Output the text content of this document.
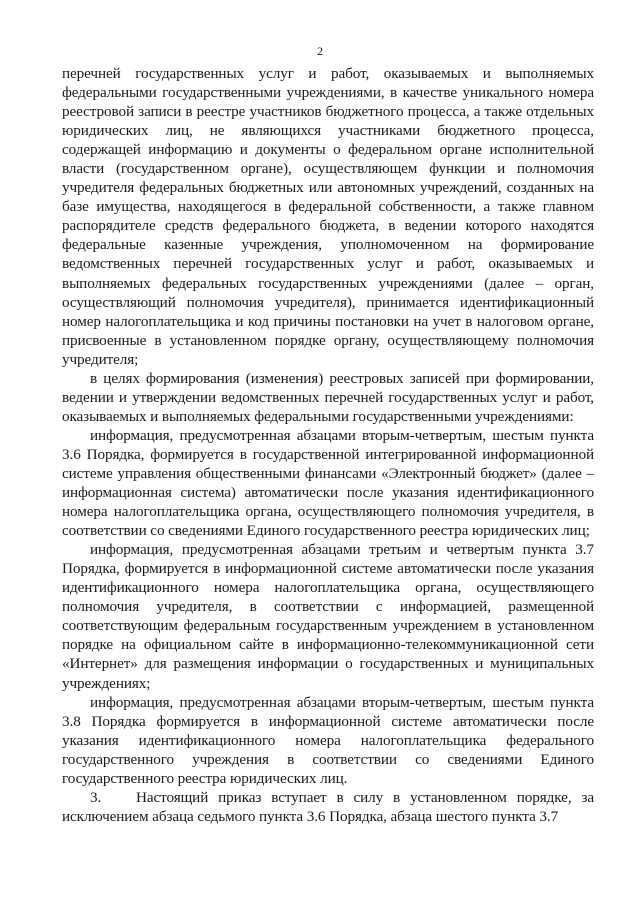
2

перечней государственных услуг и работ, оказываемых и выполняемых федеральными государственными учреждениями, в качестве уникального номера реестровой записи в реестре участников бюджетного процесса, а также отдельных юридических лиц, не являющихся участниками бюджетного процесса, содержащей информацию и документы о федеральном органе исполнительной власти (государственном органе), осуществляющем функции и полномочия учредителя федеральных бюджетных или автономных учреждений, созданных на базе имущества, находящегося в федеральной собственности, а также главном распорядителе средств федерального бюджета, в ведении которого находятся федеральные казенные учреждения, уполномоченном на формирование ведомственных перечней государственных услуг и работ, оказываемых и выполняемых федеральных государственных учреждениями (далее – орган, осуществляющий полномочия учредителя), принимается идентификационный номер налогоплательщика и код причины постановки на учет в налоговом органе, присвоенные в установленном порядке органу, осуществляющему полномочия учредителя;

в целях формирования (изменения) реестровых записей при формировании, ведении и утверждении ведомственных перечней государственных услуг и работ, оказываемых и выполняемых федеральными государственными учреждениями:

информация, предусмотренная абзацами вторым-четвертым, шестым пункта 3.6 Порядка, формируется в государственной интегрированной информационной системе управления общественными финансами «Электронный бюджет» (далее – информационная система) автоматически после указания идентификационного номера налогоплательщика органа, осуществляющего полномочия учредителя, в соответствии со сведениями Единого государственного реестра юридических лиц;

информация, предусмотренная абзацами третьим и четвертым пункта 3.7 Порядка, формируется в информационной системе автоматически после указания идентификационного номера налогоплательщика органа, осуществляющего полномочия учредителя, в соответствии с информацией, размещенной соответствующим федеральным государственным учреждением в установленном порядке на официальном сайте в информационно-телекоммуникационной сети «Интернет» для размещения информации о государственных и муниципальных учреждениях;

информация, предусмотренная абзацами вторым-четвертым, шестым пункта 3.8 Порядка формируется в информационной системе автоматически после указания идентификационного номера налогоплательщика федерального государственного учреждения в соответствии со сведениями Единого государственного реестра юридических лиц.

3. Настоящий приказ вступает в силу в установленном порядке, за исключением абзаца седьмого пункта 3.6 Порядка, абзаца шестого пункта 3.7
